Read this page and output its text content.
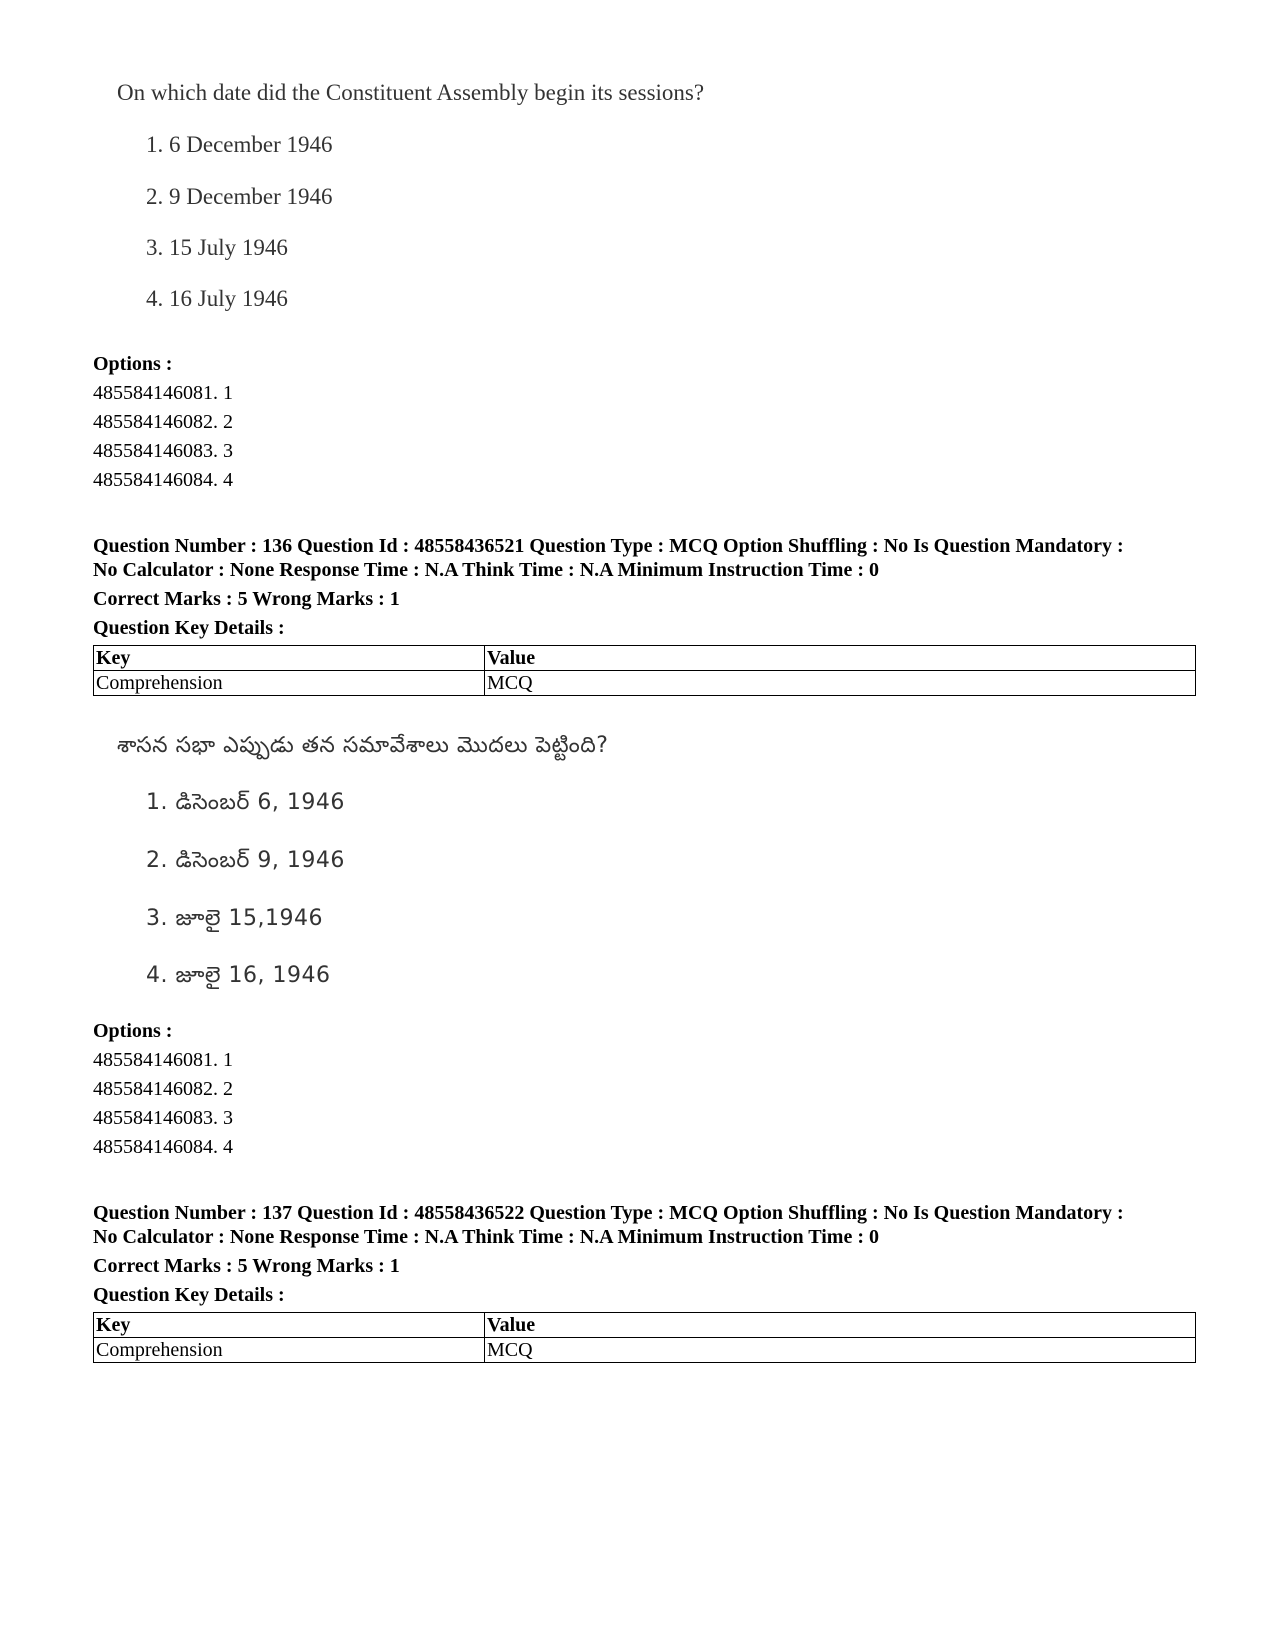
On which date did the Constituent Assembly begin its sessions?
1. 6 December 1946
2. 9 December 1946
3. 15 July 1946
4. 16 July 1946
Options :
485584146081. 1
485584146082. 2
485584146083. 3
485584146084. 4
Question Number : 136 Question Id : 48558436521 Question Type : MCQ Option Shuffling : No Is Question Mandatory :
No Calculator : None Response Time : N.A Think Time : N.A Minimum Instruction Time : 0
Correct Marks : 5 Wrong Marks : 1
Question Key Details :
Key	Value
Comprehension	MCQ
శాసన సభా ఎప్పుడు తన సమావేశాలు మొదలు పెట్టింది?
1. డిసెంబర్ 6, 1946
2. డిసెంబర్ 9, 1946
3. జూలై 15,1946
4. జూలై 16, 1946
Options :
485584146081. 1
485584146082. 2
485584146083. 3
485584146084. 4
Question Number : 137 Question Id : 48558436522 Question Type : MCQ Option Shuffling : No Is Question Mandatory :
No Calculator : None Response Time : N.A Think Time : N.A Minimum Instruction Time : 0
Correct Marks : 5 Wrong Marks : 1
Question Key Details :
Key	Value
Comprehension	MCQ
